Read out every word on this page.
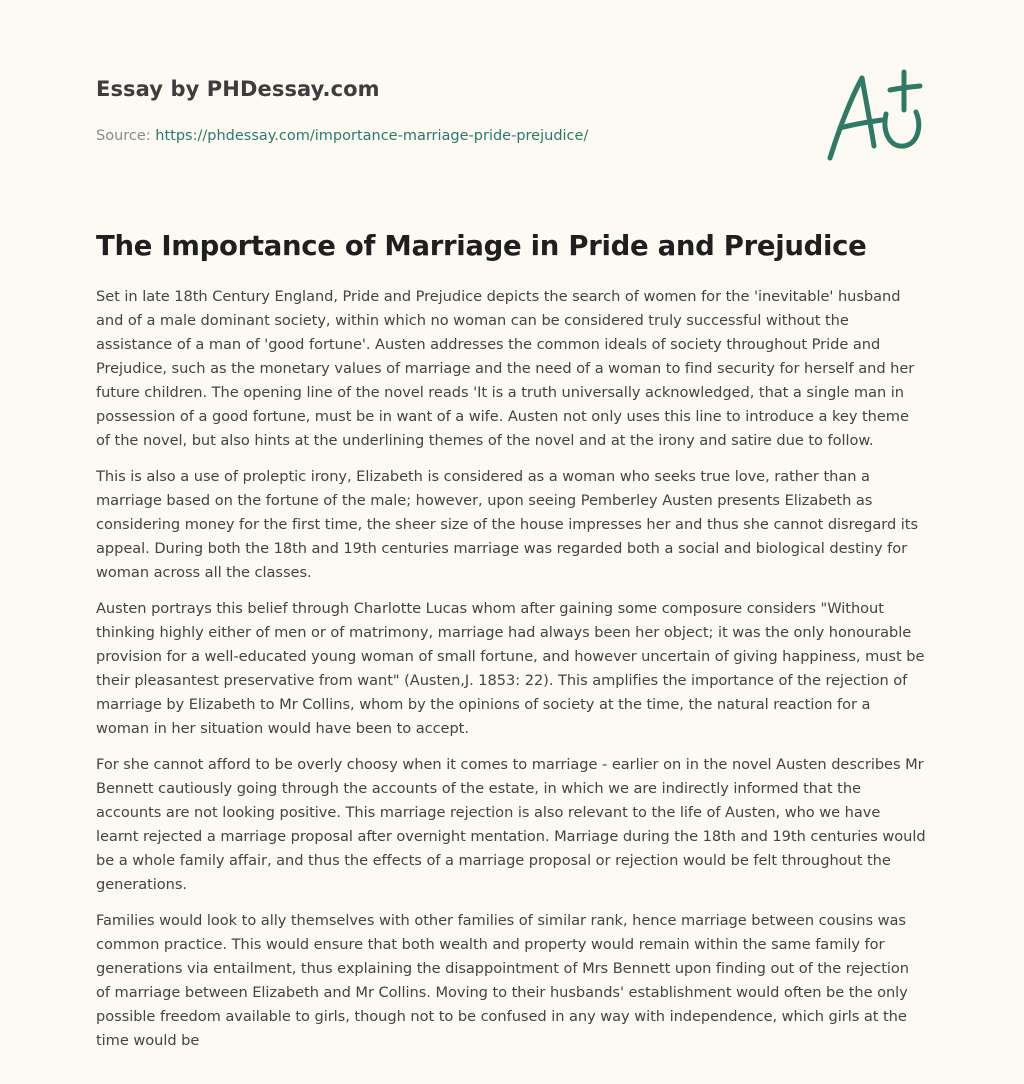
Essay by PHDessay.com
Source: https://phdessay.com/importance-marriage-pride-prejudice/
The Importance of Marriage in Pride and Prejudice

Set in late 18th Century England, Pride and Prejudice depicts the search of women for the 'inevitable' husband and of a male dominant society, within which no woman can be considered truly successful without the assistance of a man of 'good fortune'. Austen addresses the common ideals of society throughout Pride and Prejudice, such as the monetary values of marriage and the need of a woman to find security for herself and her future children. The opening line of the novel reads 'It is a truth universally acknowledged, that a single man in possession of a good fortune, must be in want of a wife. Austen not only uses this line to introduce a key theme of the novel, but also hints at the underlining themes of the novel and at the irony and satire due to follow.

This is also a use of proleptic irony, Elizabeth is considered as a woman who seeks true love, rather than a marriage based on the fortune of the male; however, upon seeing Pemberley Austen presents Elizabeth as considering money for the first time, the sheer size of the house impresses her and thus she cannot disregard its appeal. During both the 18th and 19th centuries marriage was regarded both a social and biological destiny for woman across all the classes.

Austen portrays this belief through Charlotte Lucas whom after gaining some composure considers "Without thinking highly either of men or of matrimony, marriage had always been her object; it was the only honourable provision for a well-educated young woman of small fortune, and however uncertain of giving happiness, must be their pleasantest preservative from want" (Austen,J. 1853: 22). This amplifies the importance of the rejection of marriage by Elizabeth to Mr Collins, whom by the opinions of society at the time, the natural reaction for a woman in her situation would have been to accept.

For she cannot afford to be overly choosy when it comes to marriage - earlier on in the novel Austen describes Mr Bennett cautiously going through the accounts of the estate, in which we are indirectly informed that the accounts are not looking positive. This marriage rejection is also relevant to the life of Austen, who we have learnt rejected a marriage proposal after overnight mentation. Marriage during the 18th and 19th centuries would be a whole family affair, and thus the effects of a marriage proposal or rejection would be felt throughout the generations.

Families would look to ally themselves with other families of similar rank, hence marriage between cousins was common practice. This would ensure that both wealth and property would remain within the same family for generations via entailment, thus explaining the disappointment of Mrs Bennett upon finding out of the rejection of marriage between Elizabeth and Mr Collins. Moving to their husbands' establishment would often be the only possible freedom available to girls, though not to be confused in any way with independence, which girls at the time would be
